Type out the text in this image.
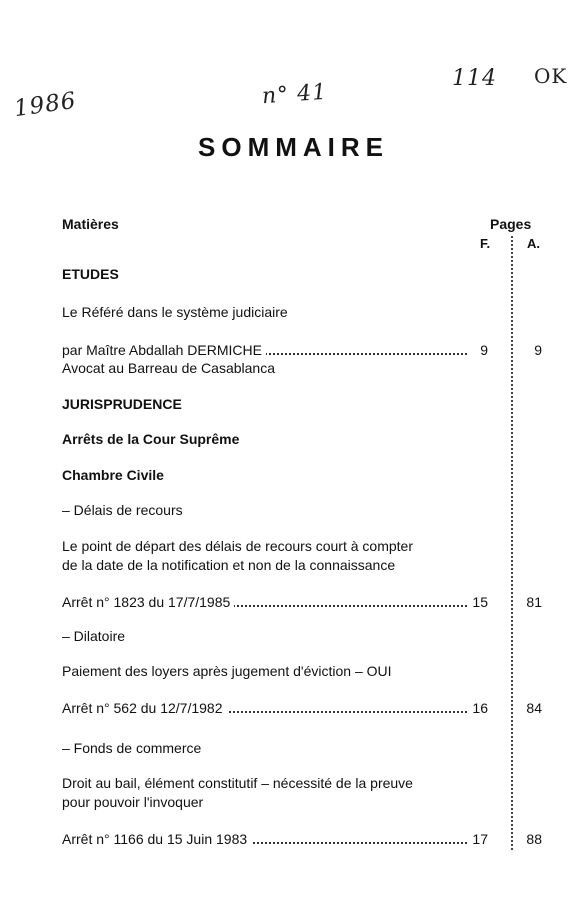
1986	n° 41
114 OK
SOMMAIRE
Matières	Pages
F.	A.
ETUDES
Le Référé dans le système judiciaire
par Maître Abdallah DERMICHE	9	9
Avocat au Barreau de Casablanca
JURISPRUDENCE
Arrêts de la Cour Suprême
Chambre Civile
– Délais de recours
Le point de départ des délais de recours court à compter
de la date de la notification et non de la connaissance
Arrêt n° 1823 du 17/7/1985	15	81
– Dilatoire
Paiement des loyers après jugement d'éviction – OUI
Arrêt n° 562 du 12/7/1982	16	84
– Fonds de commerce
Droit au bail, élément constitutif – nécessité de la preuve
pour pouvoir l'invoquer
Arrêt n° 1166 du 15 Juin 1983	17	88
